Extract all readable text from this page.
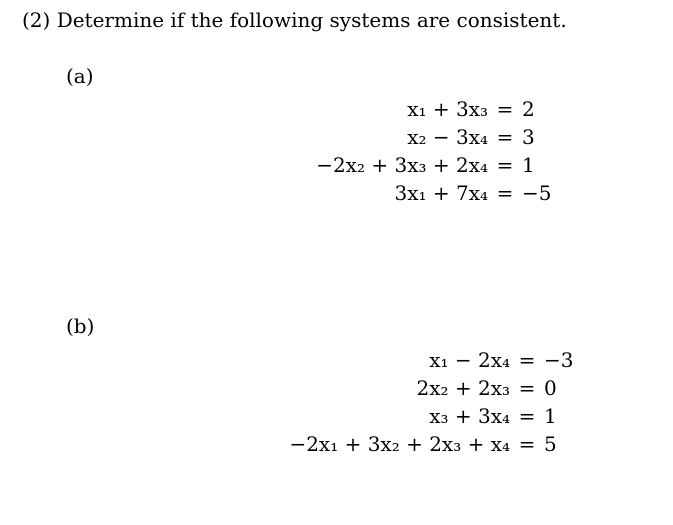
(2) Determine if the following systems are consistent.
(a)
x₁ + 3x₃ = 2
x₂ − 3x₄ = 3
−2x₂ + 3x₃ + 2x₄ = 1
3x₁ + 7x₄ = −5
(b)
x₁ − 2x₄ = −3
2x₂ + 2x₃ = 0
x₃ + 3x₄ = 1
−2x₁ + 3x₂ + 2x₃ + x₄ = 5
